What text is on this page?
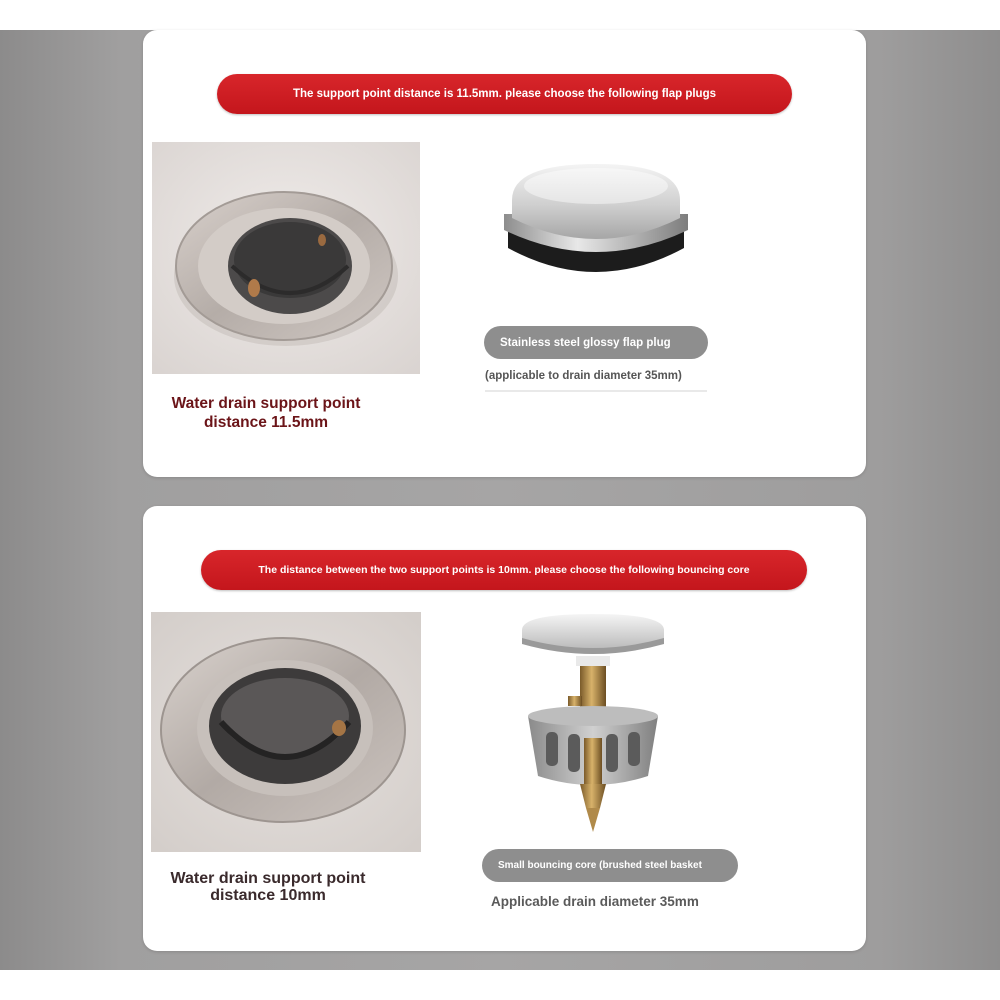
The support point distance is 11.5mm. please choose the following flap plugs
Water drain support point distance 11.5mm
Stainless steel glossy flap plug
(applicable to drain diameter 35mm)
The distance between the two support points is 10mm. please choose the following bouncing core
Water drain support point distance 10mm
Small bouncing core (brushed steel basket
Applicable drain diameter 35mm
